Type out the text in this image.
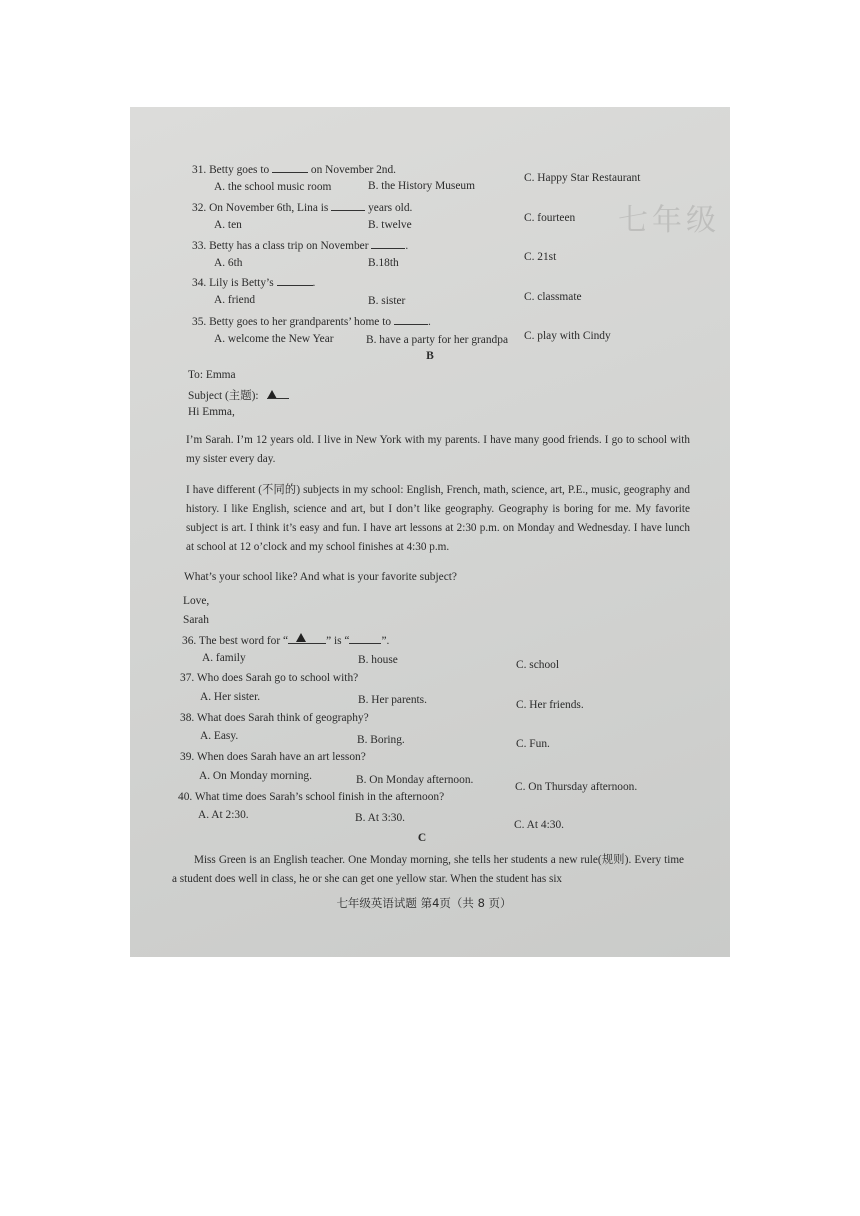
七年级
31. Betty goes to	on November 2nd.
A. the school music room	B. the History Museum
C. Happy Star Restaurant
32. On November 6th, Lina is	years old.
A. ten	B. twelve
C. fourteen
33. Betty has a class trip on November	.
A. 6th	B.18th	C. 21st
34. Lily is Betty’s	.
A. friend	B. sister	C. classmate
35. Betty goes to her grandparents’ home to	.
A. welcome the New Year	B. have a party for her grandpa C. play with Cindy
B
To: Emma
Subject (主题):
Hi Emma,
I’m Sarah. I’m 12 years old. I live in New York with my parents. I have many good friends. I go to school with my sister every day.
I have different (不同的) subjects in my school: English, French, math, science, art, P.E., music, geography and history. I like English, science and art, but I don’t like geography. Geography is boring for me. My favorite subject is art. I think it’s easy and fun. I have art lessons at 2:30 p.m. on Monday and Wednesday. I have lunch at school at 12 o’clock and my school finishes at 4:30 p.m.
What’s your school like? And what is your favorite subject?
Love,
Sarah
36. The best word for “	” is “	”.
A. family	B. house	C. school
37. Who does Sarah go to school with?
A. Her sister.	B. Her parents.	C. Her friends.
38. What does Sarah think of geography?
A. Easy.	B. Boring.	C. Fun.
39. When does Sarah have an art lesson?
A. On Monday morning.	B. On Monday afternoon.
C. On Thursday afternoon.
40. What time does Sarah’s school finish in the afternoon?
A. At 2:30.	B. At 3:30.
C. At 4:30.
C
Miss Green is an English teacher. One Monday morning, she tells her students a new rule(规则). Every time a student does well in class, he or she can get one yellow star. When the student has six
七年级英语试题 第4页（共 8 页）
